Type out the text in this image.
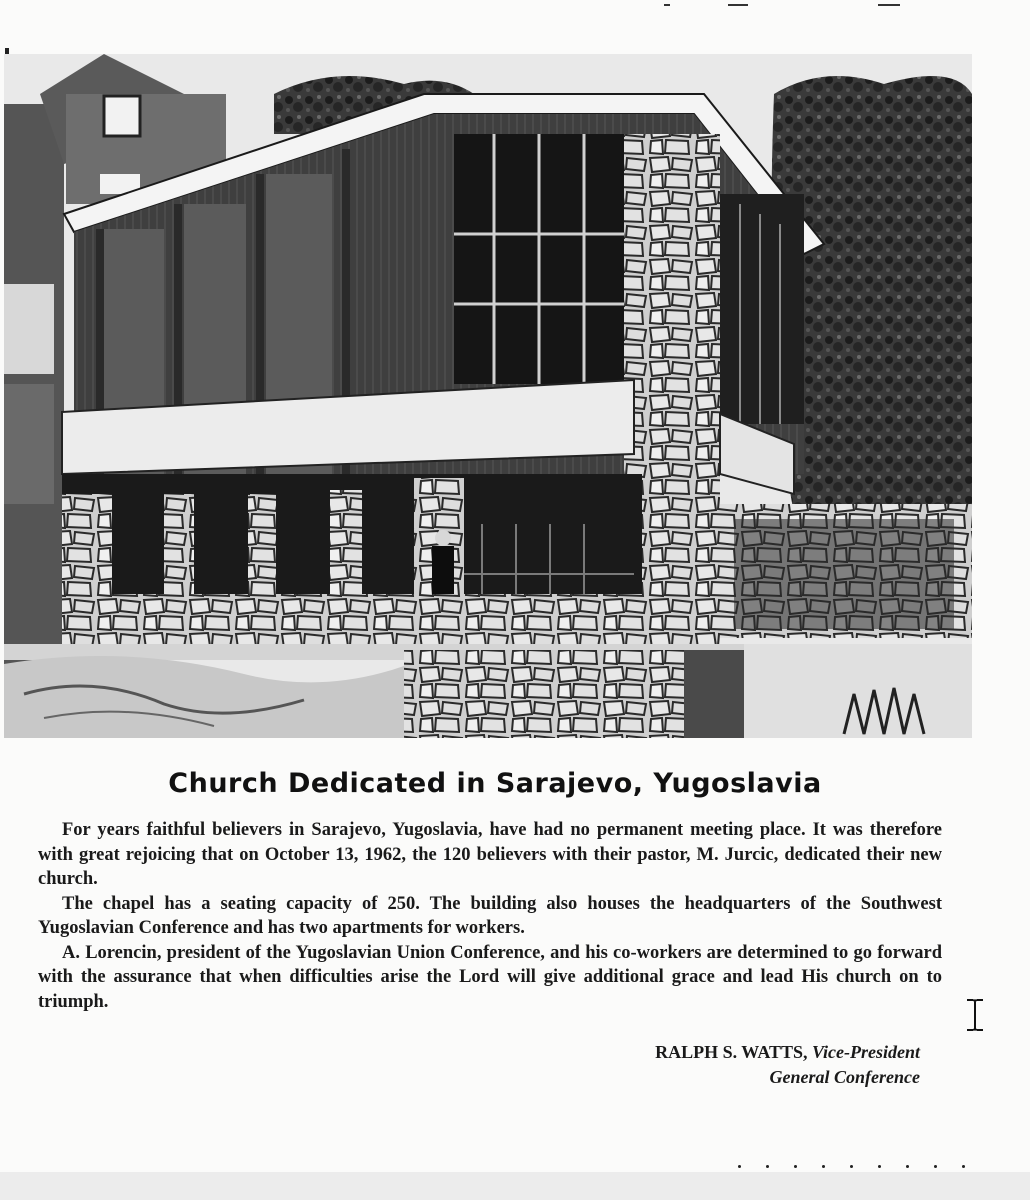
Church Dedicated in Sarajevo, Yugoslavia

For years faithful believers in Sarajevo, Yugoslavia, have had no permanent meeting place. It was therefore with great rejoicing that on October 13, 1962, the 120 believers with their pastor, M. Jurcic, dedicated their new church.

The chapel has a seating capacity of 250. The building also houses the headquarters of the Southwest Yugoslavian Conference and has two apartments for workers.

A. Lorencin, president of the Yugoslavian Union Conference, and his co-workers are determined to go forward with the assurance that when difficulties arise the Lord will give additional grace and lead His church on to triumph.

RALPH S. WATTS, Vice-President
General Conference
